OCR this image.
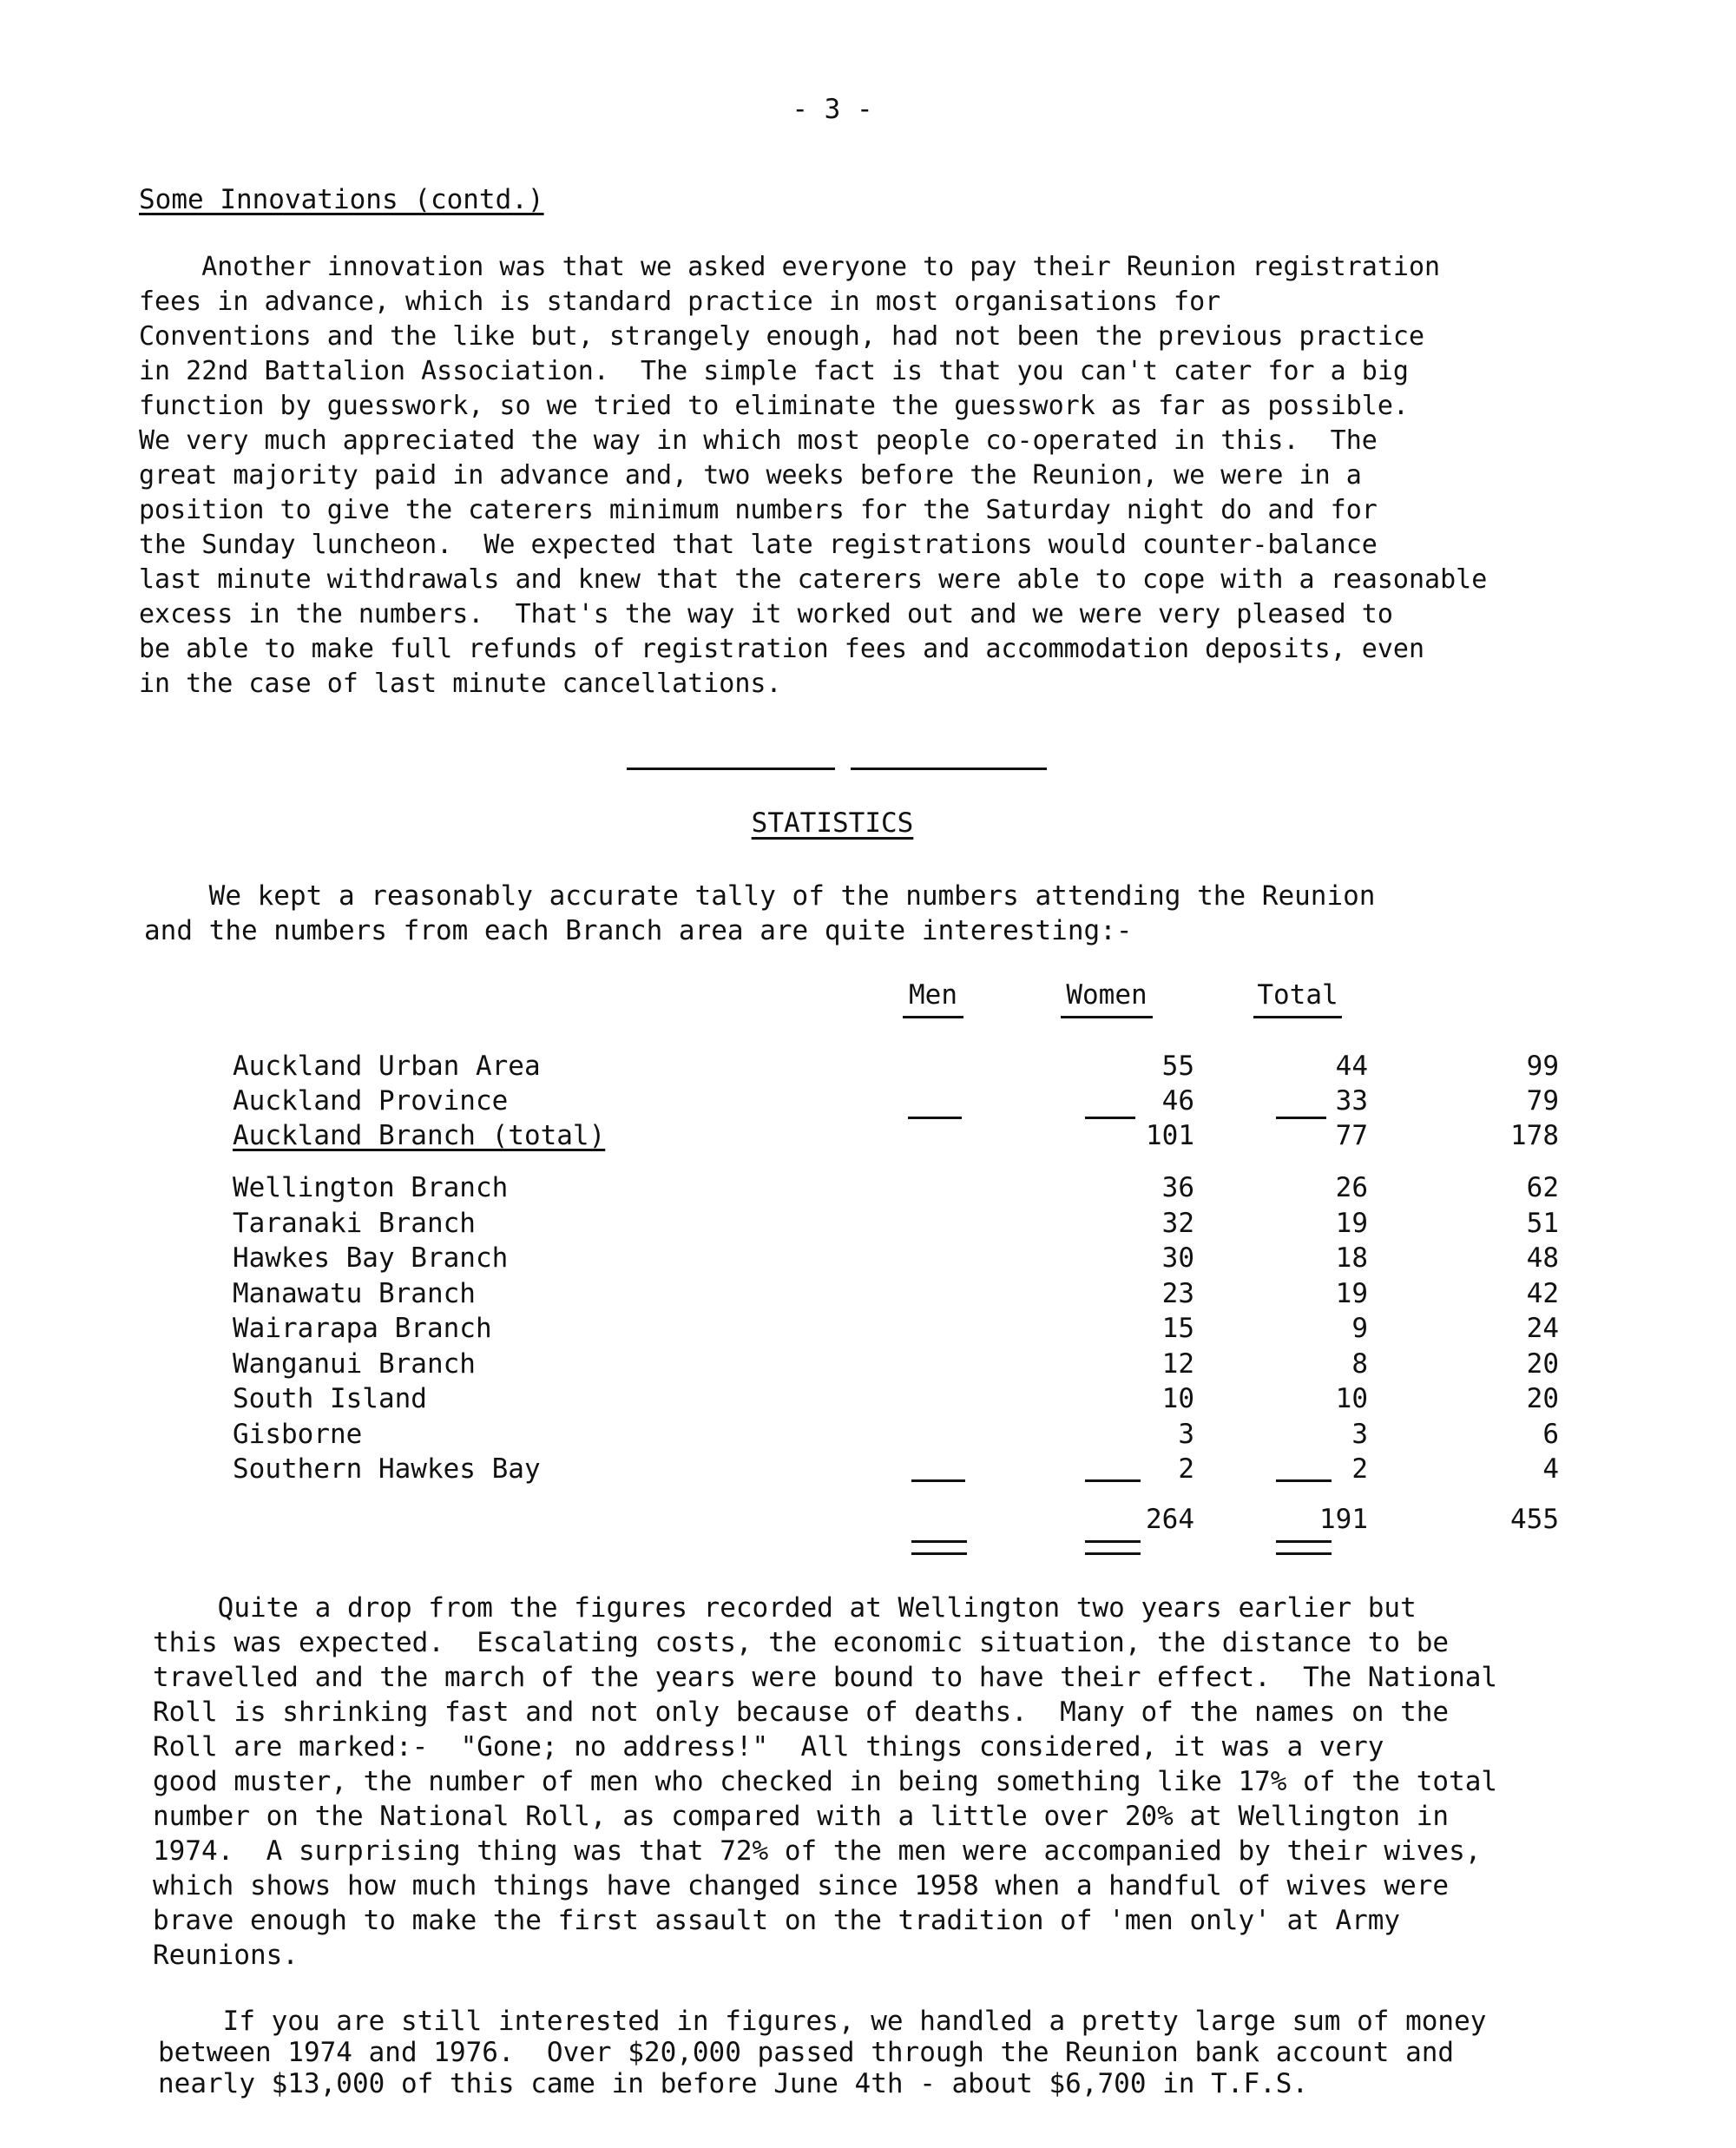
- 3 -
Some Innovations (contd.)
Another innovation was that we asked everyone to pay their Reunion registration
fees in advance, which is standard practice in most organisations for
Conventions and the like but, strangely enough, had not been the previous practice
in 22nd Battalion Association.  The simple fact is that you can't cater for a big
function by guesswork, so we tried to eliminate the guesswork as far as possible.
We very much appreciated the way in which most people co-operated in this.  The
great majority paid in advance and, two weeks before the Reunion, we were in a
position to give the caterers minimum numbers for the Saturday night do and for
the Sunday luncheon.  We expected that late registrations would counter-balance
last minute withdrawals and knew that the caterers were able to cope with a reasonable
excess in the numbers.  That's the way it worked out and we were very pleased to
be able to make full refunds of registration fees and accommodation deposits, even
in the case of last minute cancellations.
STATISTICS
We kept a reasonably accurate tally of the numbers attending the Reunion
and the numbers from each Branch area are quite interesting:-
Men	Women	Total
Auckland Urban Area	55	44	99
Auckland Province	46	33	79
Auckland Branch (total)	101	77	178
Wellington Branch	36	26	62
Taranaki Branch	32	19	51
Hawkes Bay Branch	30	18	48
Manawatu Branch	23	19	42
Wairarapa Branch	15	9	24
Wanganui Branch	12	8	20
South Island	10	10	20
Gisborne	3	3	6
Southern Hawkes Bay	2	2	4
264	191	455
Quite a drop from the figures recorded at Wellington two years earlier but
this was expected.  Escalating costs, the economic situation, the distance to be
travelled and the march of the years were bound to have their effect.  The National
Roll is shrinking fast and not only because of deaths.  Many of the names on the
Roll are marked:-  "Gone; no address!"  All things considered, it was a very
good muster, the number of men who checked in being something like 17% of the total
number on the National Roll, as compared with a little over 20% at Wellington in
1974.  A surprising thing was that 72% of the men were accompanied by their wives,
which shows how much things have changed since 1958 when a handful of wives were
brave enough to make the first assault on the tradition of 'men only' at Army
Reunions.
If you are still interested in figures, we handled a pretty large sum of money
between 1974 and 1976.  Over $20,000 passed through the Reunion bank account and
nearly $13,000 of this came in before June 4th - about $6,700 in T.F.S.
